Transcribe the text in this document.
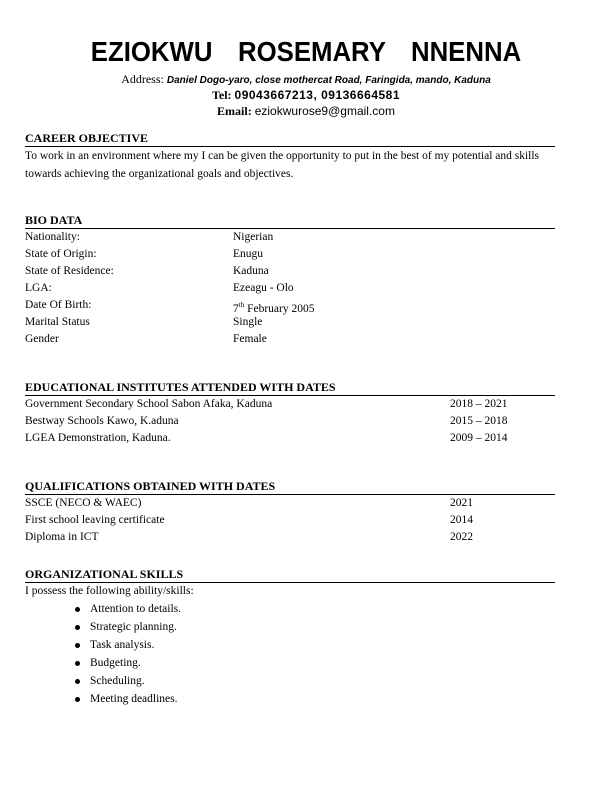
EZIOKWU ROSEMARY NNENNA
Address: Daniel Dogo-yaro, close mothercat Road, Faringida, mando, Kaduna
Tel: 09043667213, 09136664581
Email: eziokwurose9@gmail.com
CAREER OBJECTIVE
To work in an environment where my I can be given the opportunity to put in the best of my potential and skills towards achieving the organizational goals and objectives.
BIO DATA
Nationality:	Nigerian
State of Origin:	Enugu
State of Residence:	Kaduna
LGA:	Ezeagu - Olo
Date Of Birth:	7th February 2005
Marital Status	Single
Gender	Female
EDUCATIONAL INSTITUTES ATTENDED WITH DATES
Government Secondary School Sabon Afaka, Kaduna	2018 – 2021
Bestway Schools Kawo, K.aduna	2015 – 2018
LGEA Demonstration, Kaduna.	2009 – 2014
QUALIFICATIONS OBTAINED WITH DATES
SSCE (NECO & WAEC)	2021
First school leaving certificate	2014
Diploma in ICT	2022
ORGANIZATIONAL SKILLS
I possess the following ability/skills:
Attention to details.
Strategic planning.
Task analysis.
Budgeting.
Scheduling.
Meeting deadlines.
